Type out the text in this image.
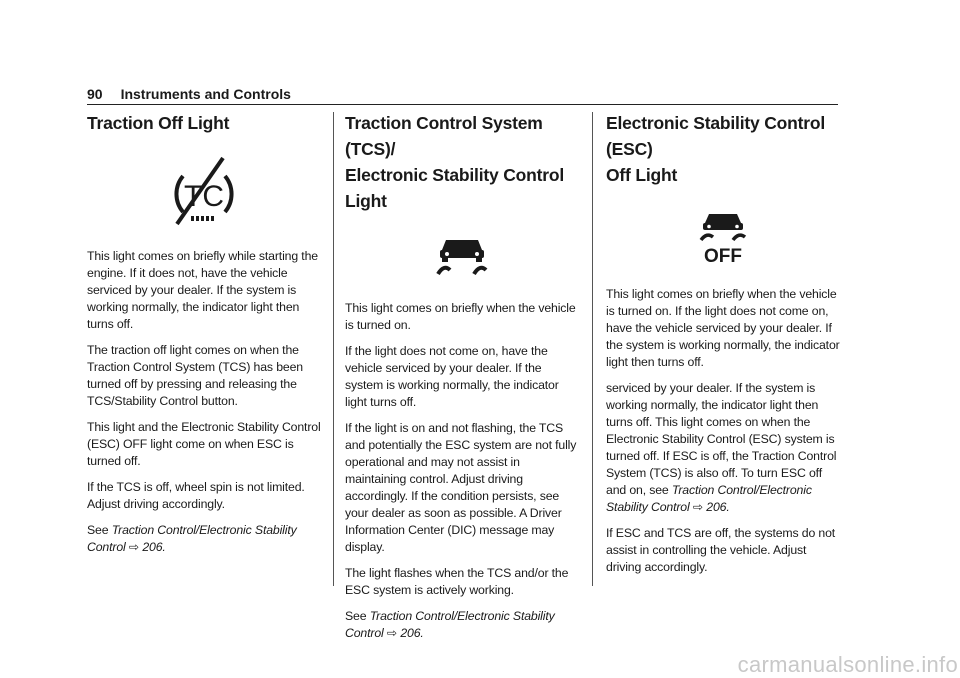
90 Instruments and Controls
Traction Off Light
TC

This light comes on briefly while starting the engine. If it does not, have the vehicle serviced by your dealer. If the system is working normally, the indicator light then turns off.

The traction off light comes on when the Traction Control System (TCS) has been turned off by pressing and releasing the TCS/Stability Control button.

This light and the Electronic Stability Control (ESC) OFF light come on when ESC is turned off.

If the TCS is off, wheel spin is not limited. Adjust driving accordingly.

See Traction Control/Electronic Stability Control ⇨ 206.

Traction Control System (TCS)/
Electronic Stability Control Light

This light comes on briefly when the vehicle is turned on.

If the light does not come on, have the vehicle serviced by your dealer. If the system is working normally, the indicator light turns off.

If the light is on and not flashing, the TCS and potentially the ESC system are not fully operational and may not assist in maintaining control. Adjust driving accordingly. If the condition persists, see your dealer as soon as possible. A Driver Information Center (DIC) message may display.

The light flashes when the TCS and/or the ESC system is actively working.

See Traction Control/Electronic Stability Control ⇨ 206.

Electronic Stability Control (ESC)
Off Light
OFF

This light comes on briefly when the vehicle is turned on. If the light does not come on, have the vehicle serviced by your dealer. If the system is working normally, the indicator light then turns off.

serviced by your dealer. If the system is working normally, the indicator light then turns off. This light comes on when the Electronic Stability Control (ESC) system is turned off. If ESC is off, the Traction Control System (TCS) is also off. To turn ESC off and on, see Traction Control/Electronic Stability Control ⇨ 206.

If ESC and TCS are off, the systems do not assist in controlling the vehicle. Adjust driving accordingly.

carmanualsonline.info
